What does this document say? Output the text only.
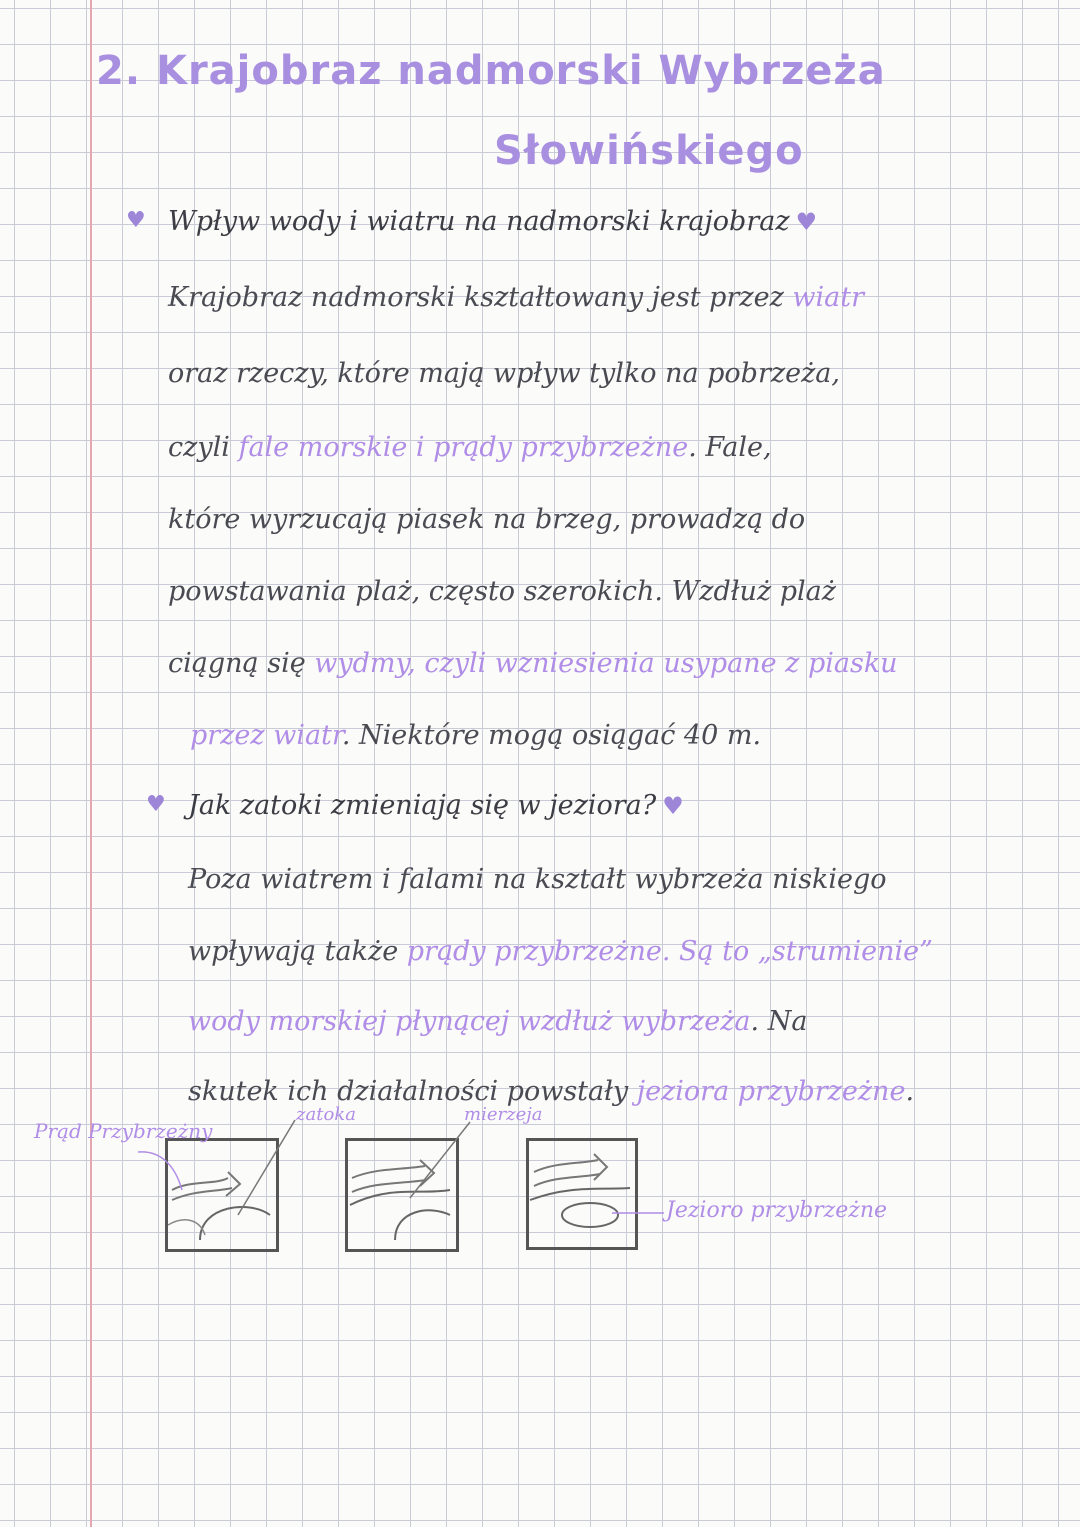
2. Krajobraz nadmorski Wybrzeża
Słowińskiego
♥ Wpływ wody i wiatru na nadmorski krajobraz ♥
Krajobraz nadmorski kształtowany jest przez wiatr
oraz rzeczy, które mają wpływ tylko na pobrzeża,
czyli fale morskie i prądy przybrzeżne. Fale,
które wyrzucają piasek na brzeg, prowadzą do
powstawania plaż, często szerokich. Wzdłuż plaż
ciągną się wydmy, czyli wzniesienia usypane z piasku
przez wiatr. Niektóre mogą osiągać 40 m.
♥ Jak zatoki zmieniają się w jeziora? ♥
Poza wiatrem i falami na kształt wybrzeża niskiego
wpływają także prądy przybrzeżne. Są to „strumienie”
wody morskiej płynącej wzdłuż wybrzeża. Na
skutek ich działalności powstały jeziora przybrzeżne.
Prąd Przybrzeżny
zatoka	mierzeja
Jezioro przybrzeżne
